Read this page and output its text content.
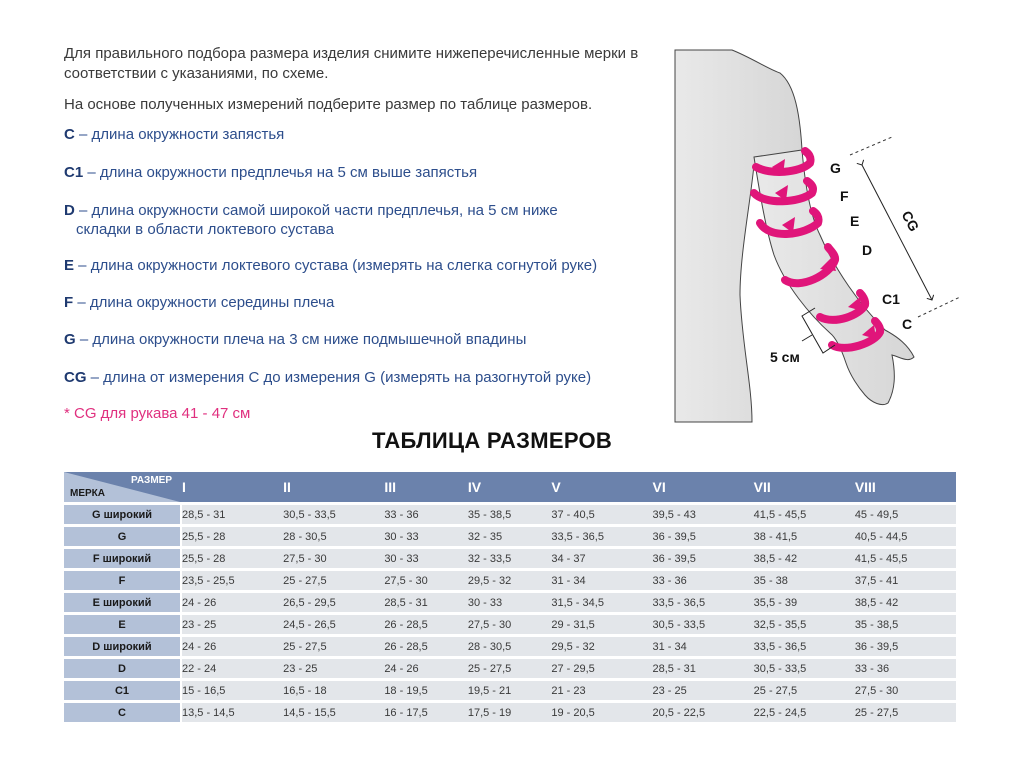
Для правильного подбора размера изделия снимите нижеперечисленные мерки в соответствии с указаниями, по схеме.

На основе полученных измерений подберите размер по таблице размеров.

C – длина окружности запястья
C1 – длина окружности предплечья на 5 см выше запястья
D – длина окружности самой широкой части предплечья, на 5 см ниже
складки в области локтевого сустава
E – длина окружности локтевого сустава (измерять на слегка согнутой руке)
F – длина окружности середины плеча
G – длина окружности плеча на 3 см ниже подмышечной впадины
CG – длина от измерения C до измерения G (измерять на разогнутой руке)
* CG для рукава 41 - 47 см
G
F
E
D
C1
C
CG
5 см
ТАБЛИЦА РАЗМЕРОВ
РАЗМЕР
МЕРКА	I	II	III	IV	V	VI	VII	VIII
G широкий	28,5 - 31	30,5 - 33,5	33 - 36	35 - 38,5	37 - 40,5	39,5 - 43	41,5 - 45,5	45 - 49,5
G	25,5 - 28	28 - 30,5	30 - 33	32 - 35	33,5 - 36,5	36 - 39,5	38 - 41,5	40,5 - 44,5
F широкий	25,5 - 28	27,5 - 30	30 - 33	32 - 33,5	34 - 37	36 - 39,5	38,5 - 42	41,5 - 45,5
F	23,5 - 25,5	25 - 27,5	27,5 - 30	29,5 - 32	31 - 34	33 - 36	35 - 38	37,5 - 41
E широкий	24 - 26	26,5 - 29,5	28,5 - 31	30 - 33	31,5 - 34,5	33,5 - 36,5	35,5 - 39	38,5 - 42
E	23 - 25	24,5 - 26,5	26 - 28,5	27,5 - 30	29 - 31,5	30,5 - 33,5	32,5 - 35,5	35 - 38,5
D широкий	24 - 26	25 - 27,5	26 - 28,5	28 - 30,5	29,5 - 32	31 - 34	33,5 - 36,5	36 - 39,5
D	22 - 24	23 - 25	24 - 26	25 - 27,5	27 - 29,5	28,5 - 31	30,5 - 33,5	33 - 36
C1	15 - 16,5	16,5 - 18	18 - 19,5	19,5 - 21	21 - 23	23 - 25	25 - 27,5	27,5 - 30
C	13,5 - 14,5	14,5 - 15,5	16 - 17,5	17,5 - 19	19 - 20,5	20,5 - 22,5	22,5 - 24,5	25 - 27,5
